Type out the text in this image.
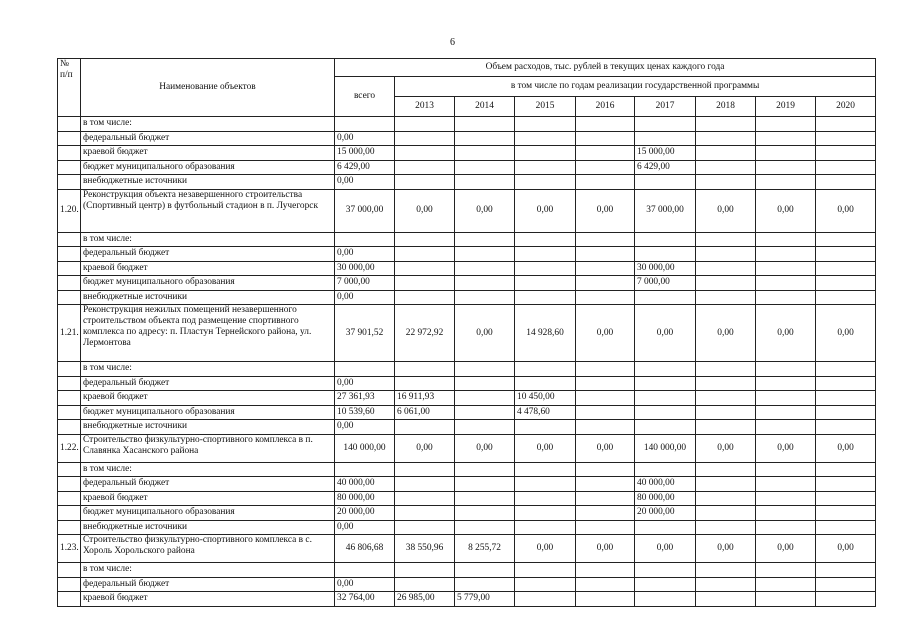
6
№ п/п	Наименование объектов	Объем расходов, тыс. рублей в текущих ценах каждого года								
		всего	в том числе по годам реализации государственной программы							
			2013	2014	2015	2016	2017	2018	2019	2020
	в том числе:									
	федеральный бюджет	0,00								
	краевой бюджет	15 000,00					15 000,00			
	бюджет муниципального образования	6 429,00					6 429,00			
	внебюджетные источники	0,00								
1.20.	Реконструкция объекта незавершенного строительства (Спортивный центр) в футбольный стадион в п. Лучегорск	37 000,00	0,00	0,00	0,00	0,00	37 000,00	0,00	0,00	0,00
	в том числе:									
	федеральный бюджет	0,00								
	краевой бюджет	30 000,00					30 000,00			
	бюджет муниципального образования	7 000,00					7 000,00			
	внебюджетные источники	0,00								
1.21.	Реконструкция нежилых помещений незавершенного строительством объекта под размещение спортивного комплекса по адресу: п. Пластун Тернейского района, ул. Лермонтова	37 901,52	22 972,92	0,00	14 928,60	0,00	0,00	0,00	0,00	0,00
	в том числе:									
	федеральный бюджет	0,00								
	краевой бюджет	27 361,93	16 911,93		10 450,00					
	бюджет муниципального образования	10 539,60	6 061,00		4 478,60					
	внебюджетные источники	0,00								
1.22.	Строительство физкультурно-спортивного комплекса в п. Славянка Хасанского района	140 000,00	0,00	0,00	0,00	0,00	140 000,00	0,00	0,00	0,00
	в том числе:									
	федеральный бюджет	40 000,00					40 000,00			
	краевой бюджет	80 000,00					80 000,00			
	бюджет муниципального образования	20 000,00					20 000,00			
	внебюджетные источники	0,00								
1.23.	Строительство физкультурно-спортивного комплекса в с. Хороль Хорольского района	46 806,68	38 550,96	8 255,72	0,00	0,00	0,00	0,00	0,00	0,00
	в том числе:									
	федеральный бюджет	0,00								
	краевой бюджет	32 764,00	26 985,00	5 779,00						
